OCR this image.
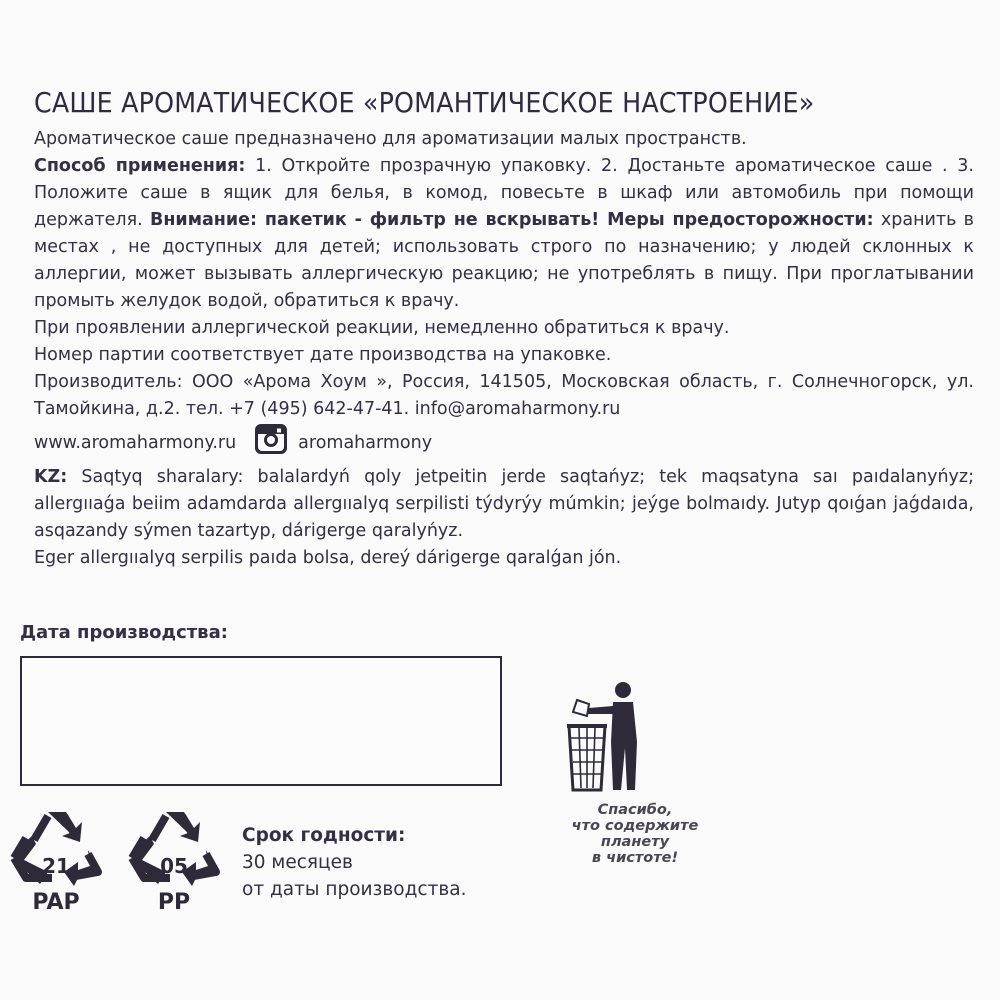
САШЕ АРОМАТИЧЕСКОЕ «РОМАНТИЧЕСКОЕ НАСТРОЕНИЕ»

Ароматическое саше предназначено для ароматизации малых пространств.

Способ применения: 1. Откройте прозрачную упаковку. 2. Достаньте ароматическое саше . 3. Положите саше в ящик для белья, в комод, повесьте в шкаф или автомобиль при помощи держателя. Внимание: пакетик - фильтр не вскрывать! Меры предосторожности: хранить в местах , не доступных для детей; использовать строго по назначению; у людей склонных к аллергии, может вызывать аллергическую реакцию; не употреблять в пищу. При проглатывании промыть желудок водой, обратиться к врачу.

При проявлении аллергической реакции, немедленно обратиться к врачу.

Номер партии соответствует дате производства на упаковке.

Производитель: ООО «Арома Хоум », Россия, 141505, Московская область, г. Солнечногорск, ул. Тамойкина, д.2. тел. +7 (495) 642-47-41. info@aromaharmony.ru

www.aromaharmony.ru	aromaharmony

KZ: Saqtyq sharalary: balalardyń qoly jetpeitin jerde saqtańyz; tek maqsatyna saı paıdalanyńyz; allergııaǵa beiim adamdarda allergııalyq serpilisti týdyrýy múmkin; jeýge bolmaıdy. Jutyp qoıǵan jaǵdaıda, asqazandy sýmen tazartyp, dárigerge qaralyńyz.

Eger allergııalyq serpilis paıda bolsa, dereý dárigerge qaralǵan jón.

Дата производства:
21
PAP
05
PP
Срок годности:
30 месяцев
от даты производства.
Спасибо,
что содержите
планету
в чистоте!
